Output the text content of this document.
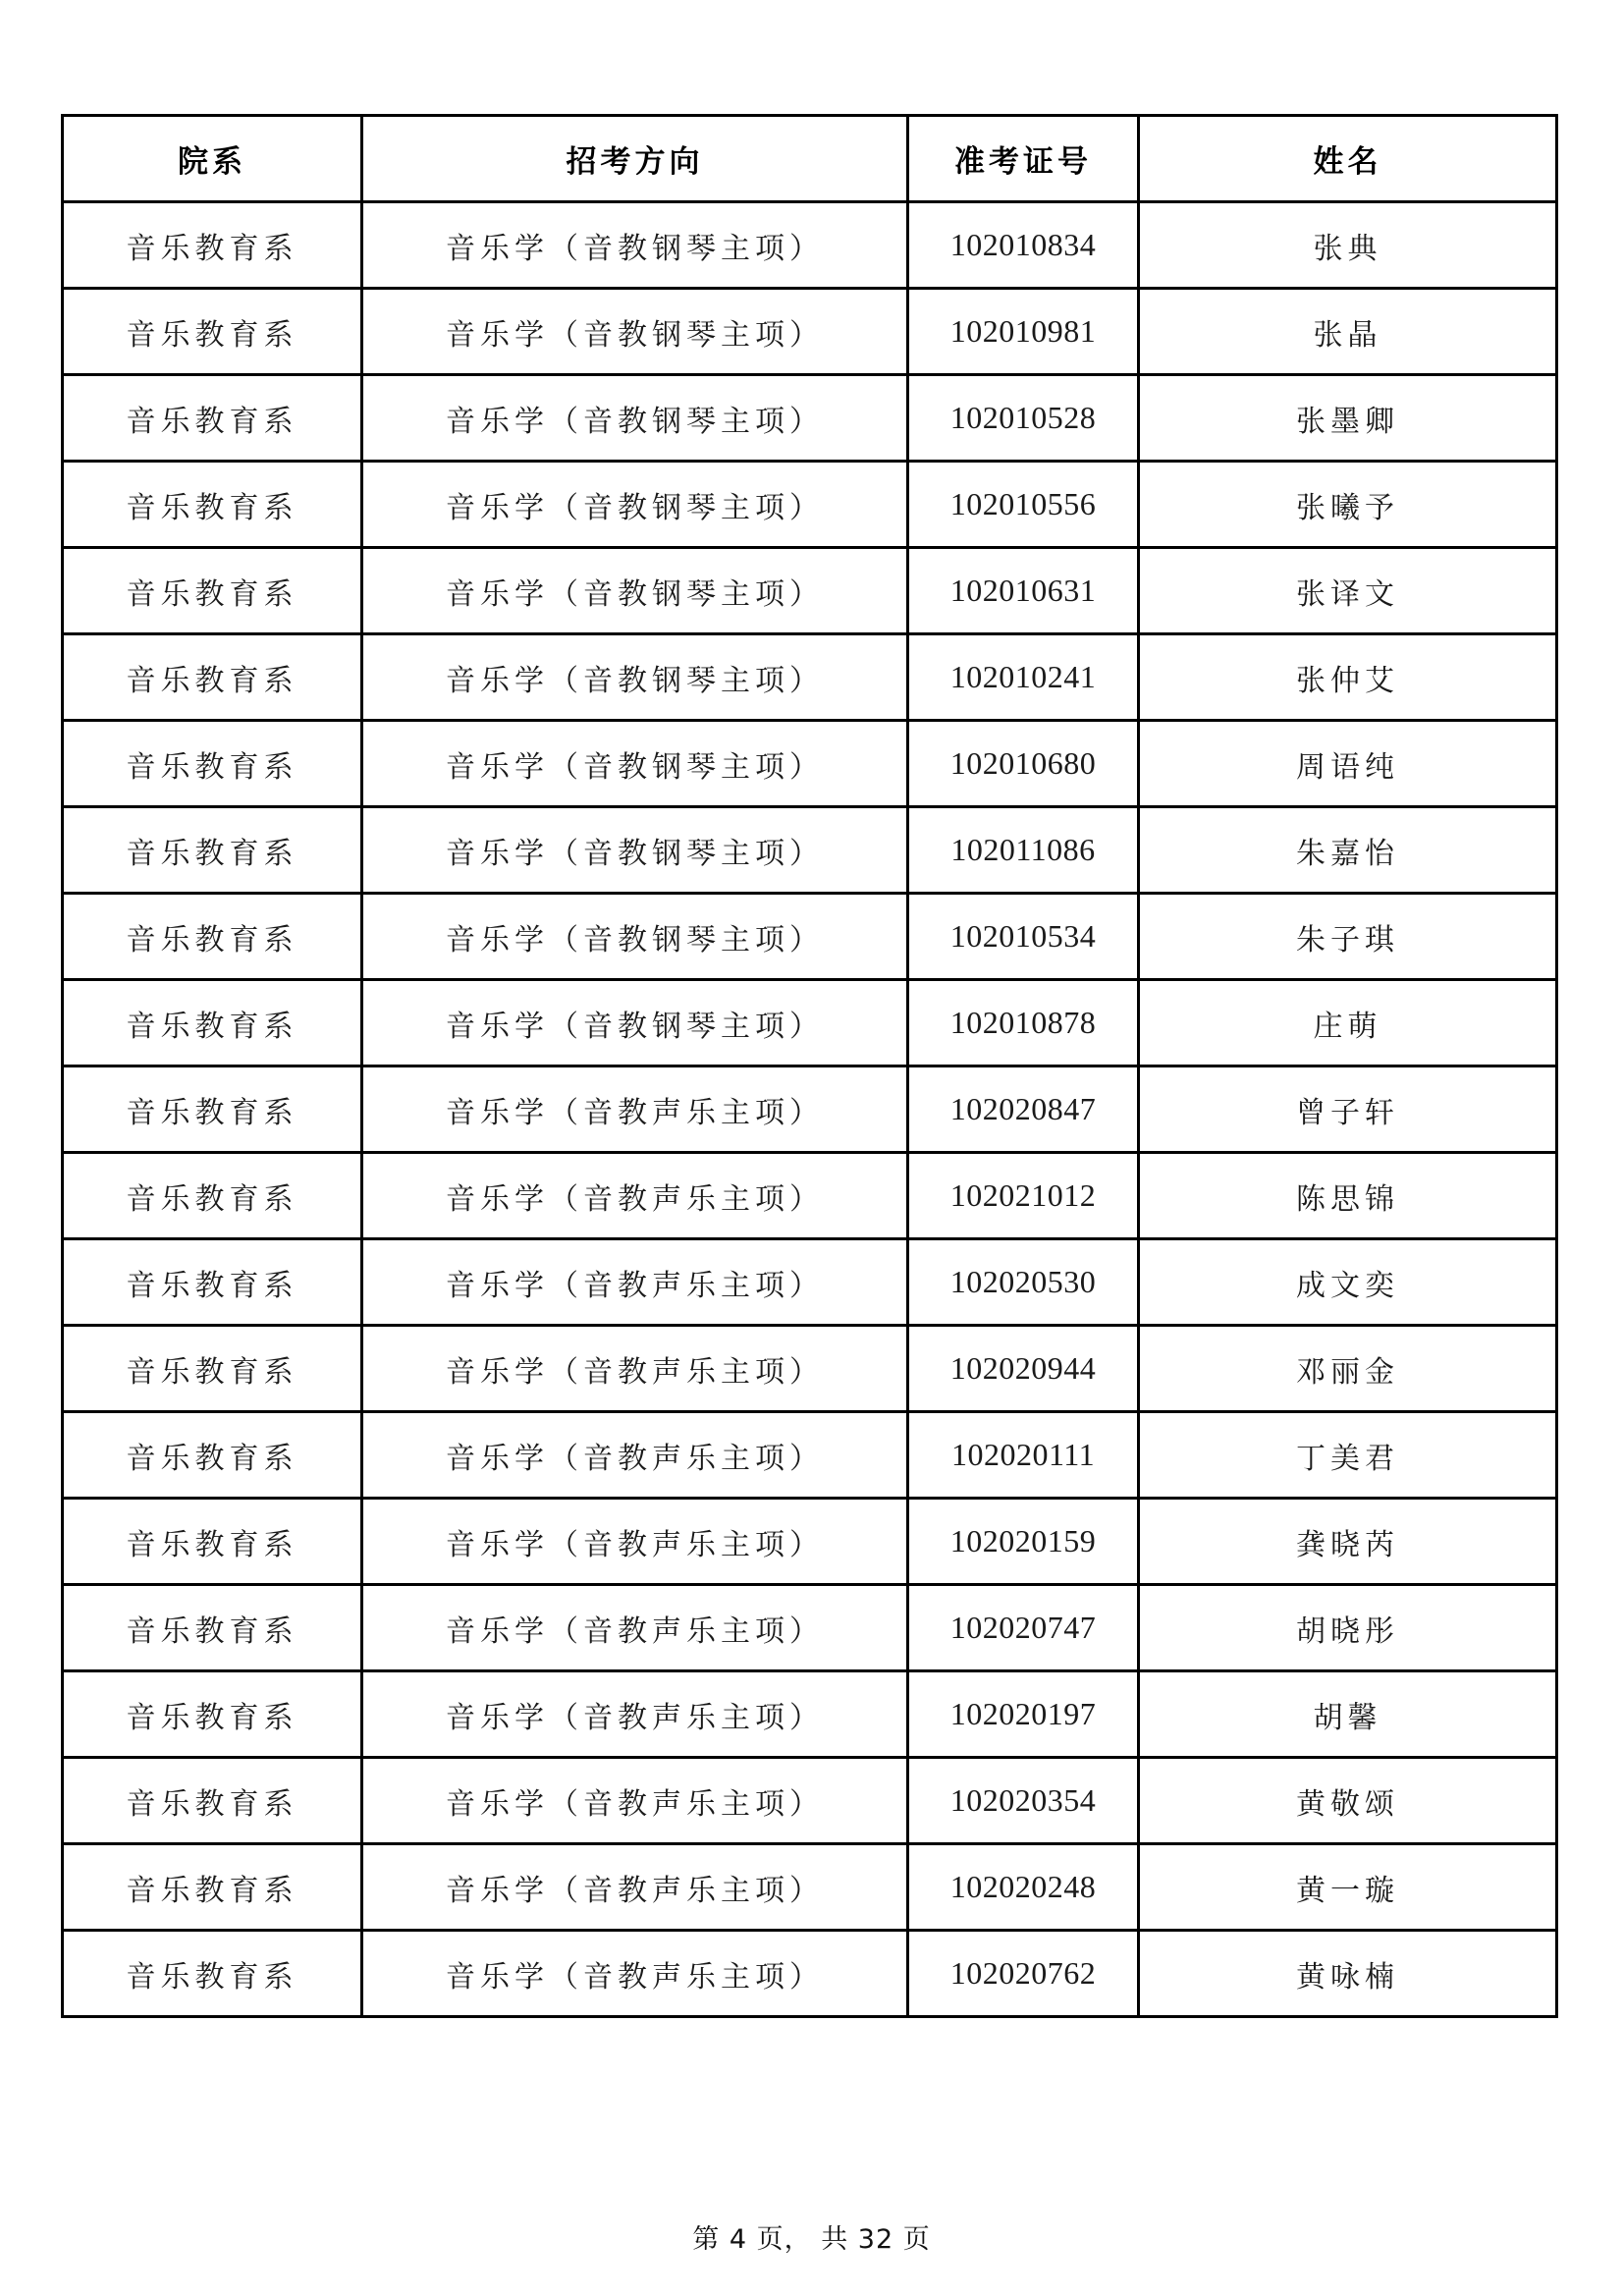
院系	招考方向	准考证号	姓名
音乐教育系	音乐学（音教钢琴主项）	102010834	张典
音乐教育系	音乐学（音教钢琴主项）	102010981	张晶
音乐教育系	音乐学（音教钢琴主项）	102010528	张墨卿
音乐教育系	音乐学（音教钢琴主项）	102010556	张曦予
音乐教育系	音乐学（音教钢琴主项）	102010631	张译文
音乐教育系	音乐学（音教钢琴主项）	102010241	张仲艾
音乐教育系	音乐学（音教钢琴主项）	102010680	周语纯
音乐教育系	音乐学（音教钢琴主项）	102011086	朱嘉怡
音乐教育系	音乐学（音教钢琴主项）	102010534	朱子琪
音乐教育系	音乐学（音教钢琴主项）	102010878	庄萌
音乐教育系	音乐学（音教声乐主项）	102020847	曾子轩
音乐教育系	音乐学（音教声乐主项）	102021012	陈思锦
音乐教育系	音乐学（音教声乐主项）	102020530	成文奕
音乐教育系	音乐学（音教声乐主项）	102020944	邓丽金
音乐教育系	音乐学（音教声乐主项）	102020111	丁美君
音乐教育系	音乐学（音教声乐主项）	102020159	龚晓芮
音乐教育系	音乐学（音教声乐主项）	102020747	胡晓彤
音乐教育系	音乐学（音教声乐主项）	102020197	胡馨
音乐教育系	音乐学（音教声乐主项）	102020354	黄敬颂
音乐教育系	音乐学（音教声乐主项）	102020248	黄一璇
音乐教育系	音乐学（音教声乐主项）	102020762	黄咏楠
第 4 页， 共 32 页
